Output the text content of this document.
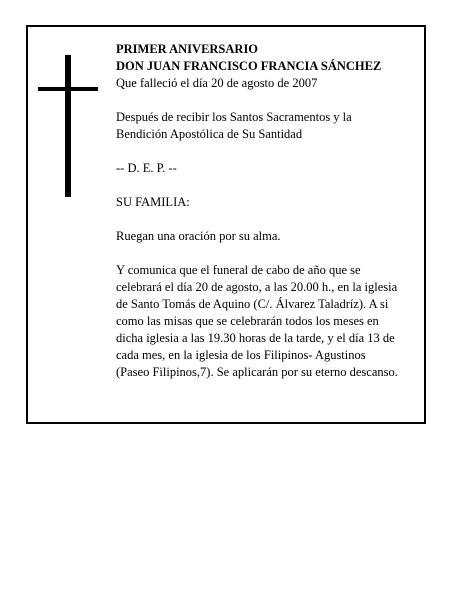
PRIMER ANIVERSARIO
DON JUAN FRANCISCO FRANCIA SÁNCHEZ
Que falleció el día 20 de agosto de 2007
Después de recibir los Santos Sacramentos y la
Bendición Apostólica de Su Santidad
-- D. E. P. --
SU FAMILIA:
Ruegan una oración por su alma.
Y comunica que el funeral de cabo de año que se
celebrará el día 20 de agosto, a las 20.00 h., en la iglesia
de Santo Tomás de Aquino (C/. Álvarez Taladríz). A si
como las misas que se celebrarán todos los meses en
dicha iglesia a las 19.30 horas de la tarde, y el día 13 de
cada mes, en la iglesia de los Filipinos- Agustinos
(Paseo Filipinos,7). Se aplicarán por su eterno descanso.
